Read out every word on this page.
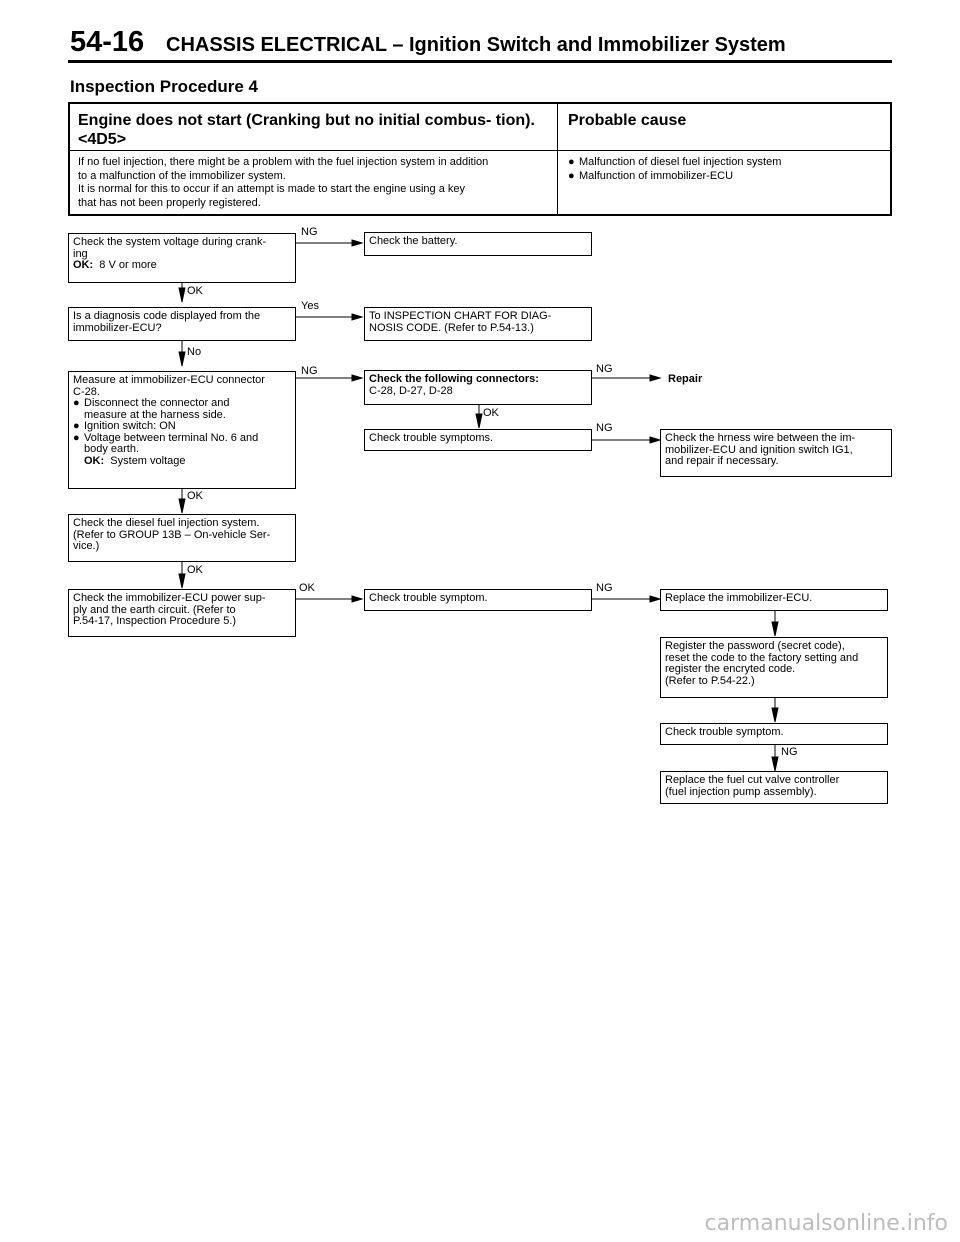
54-16 CHASSIS ELECTRICAL – Ignition Switch and Immobilizer System
Inspection Procedure 4
Engine does not start (Cranking but no initial combus- tion). <4D5>
Probable cause
If no fuel injection, there might be a problem with the fuel injection system in addition
to a malfunction of the immobilizer system.
It is normal for this to occur if an attempt is made to start the engine using a key
that has not been properly registered.
● Malfunction of diesel fuel injection system
● Malfunction of immobilizer-ECU
Check the system voltage during crank-
ing
OK: 8 V or more
NG
Check the battery.
OK
Is a diagnosis code displayed from the
immobilizer-ECU?
Yes
To INSPECTION CHART FOR DIAG-
NOSIS CODE. (Refer to P.54-13.)
No
Measure at immobilizer-ECU connector
C-28.
● Disconnect the connector and
measure at the harness side.
● Ignition switch: ON
● Voltage between terminal No. 6 and
body earth.
OK: System voltage
NG
Check the following connectors:
C-28, D-27, D-28
NG
Repair
OK
Check trouble symptoms.
NG
Check the hrness wire between the im-
mobilizer-ECU and ignition switch IG1,
and repair if necessary.
OK
Check the diesel fuel injection system.
(Refer to GROUP 13B – On-vehicle Ser-
vice.)
OK
Check the immobilizer-ECU power sup-
ply and the earth circuit. (Refer to
P.54-17, Inspection Procedure 5.)
OK
Check trouble symptom.
NG
Replace the immobilizer-ECU.
Register the password (secret code),
reset the code to the factory setting and
register the encryted code.
(Refer to P.54-22.)
Check trouble symptom.
NG
Replace the fuel cut valve controller
(fuel injection pump assembly).
carmanualsonline.info
